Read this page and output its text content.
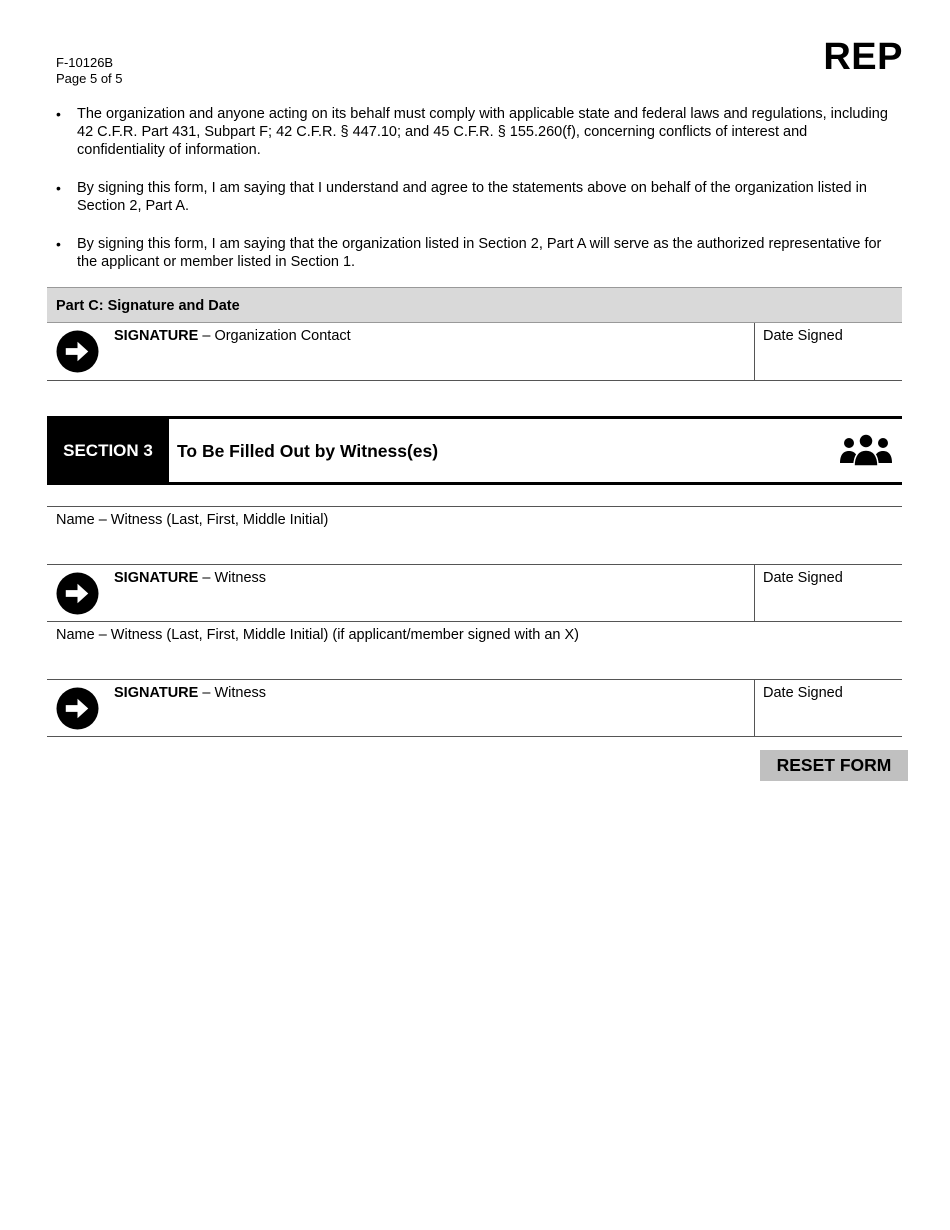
F-10126B
Page 5 of 5
REP
• The organization and anyone acting on its behalf must comply with applicable state and federal laws and regulations, including 42 C.F.R. Part 431, Subpart F; 42 C.F.R. § 447.10; and 45 C.F.R. § 155.260(f), concerning conflicts of interest and confidentiality of information.
• By signing this form, I am saying that I understand and agree to the statements above on behalf of the organization listed in Section 2, Part A.
• By signing this form, I am saying that the organization listed in Section 2, Part A will serve as the authorized representative for the applicant or member listed in Section 1.
Part C: Signature and Date
SIGNATURE – Organization Contact	Date Signed
SECTION 3	To Be Filled Out by Witness(es)
Name – Witness (Last, First, Middle Initial)
SIGNATURE – Witness	Date Signed
Name – Witness (Last, First, Middle Initial) (if applicant/member signed with an X)
SIGNATURE – Witness	Date Signed
RESET FORM
